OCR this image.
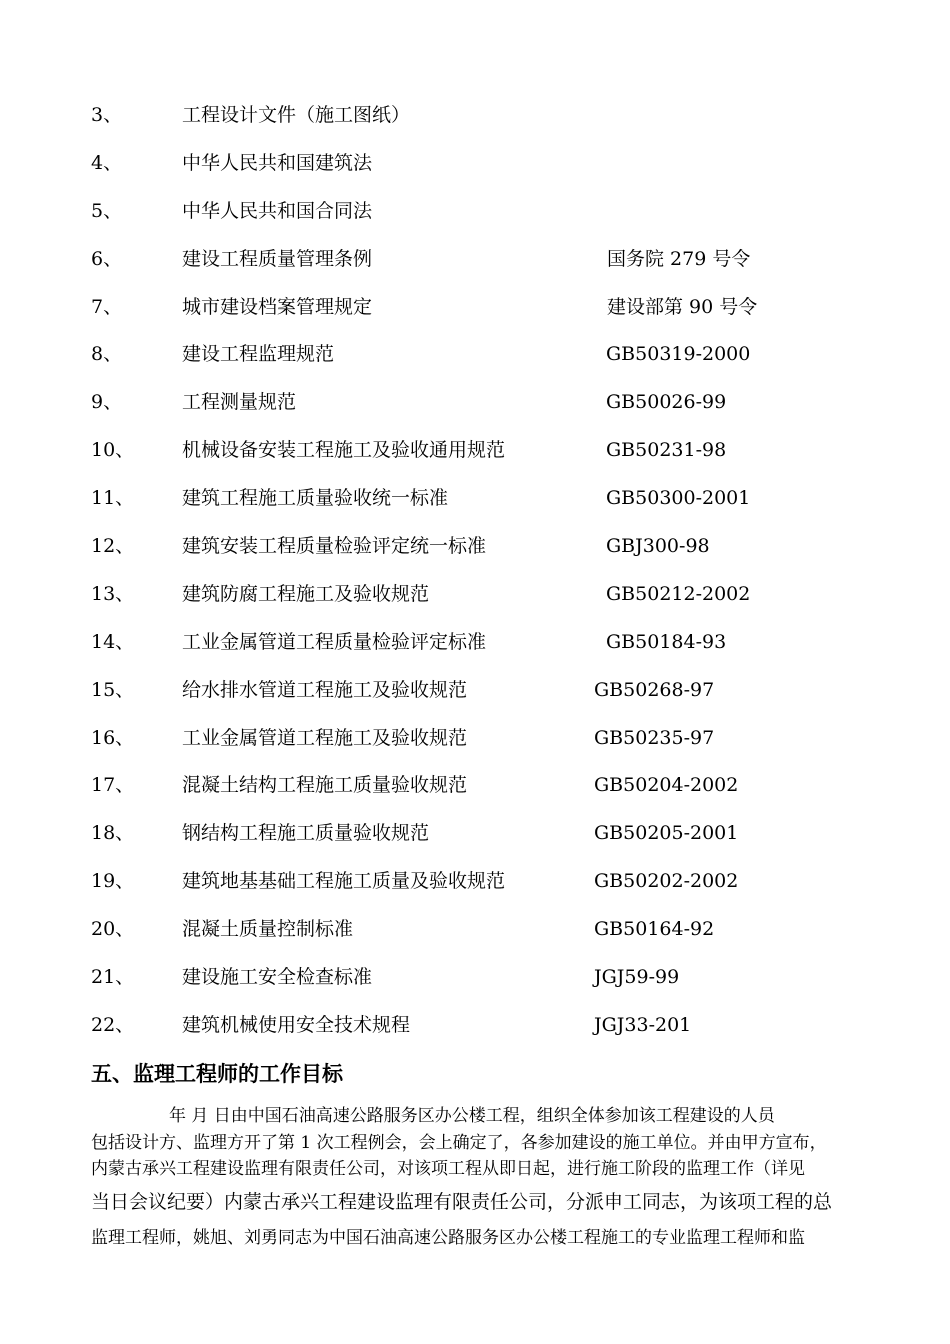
3、	工程设计文件（施工图纸）
4、	中华人民共和国建筑法
5、	中华人民共和国合同法
6、	建设工程质量管理条例	国务院 279 号令
7、	城市建设档案管理规定	建设部第 90 号令
8、	建设工程监理规范	GB50319-2000
9、	工程测量规范	GB50026-99
10、	机械设备安装工程施工及验收通用规范	GB50231-98
11、	建筑工程施工质量验收统一标准	GB50300-2001
12、	建筑安装工程质量检验评定统一标准	GBJ300-98
13、	建筑防腐工程施工及验收规范	GB50212-2002
14、	工业金属管道工程质量检验评定标准	GB50184-93
15、	给水排水管道工程施工及验收规范	GB50268-97
16、	工业金属管道工程施工及验收规范	GB50235-97
17、	混凝土结构工程施工质量验收规范	GB50204-2002
18、	钢结构工程施工质量验收规范	GB50205-2001
19、	建筑地基基础工程施工质量及验收规范	GB50202-2002
20、	混凝土质量控制标准	GB50164-92
21、	建设施工安全检查标准	JGJ59-99
22、	建筑机械使用安全技术规程	JGJ33-201
五、监理工程师的工作目标
年 月 日由中国石油高速公路服务区办公楼工程，组织全体参加该工程建设的人员
包括设计方、监理方开了第 1 次工程例会，会上确定了，各参加建设的施工单位。并由甲方宣布，
内蒙古承兴工程建设监理有限责任公司，对该项工程从即日起，进行施工阶段的监理工作（详见
当日会议纪要）内蒙古承兴工程建设监理有限责任公司，分派申工同志，为该项工程的总
监理工程师，姚旭、刘勇同志为中国石油高速公路服务区办公楼工程施工的专业监理工程师和监
